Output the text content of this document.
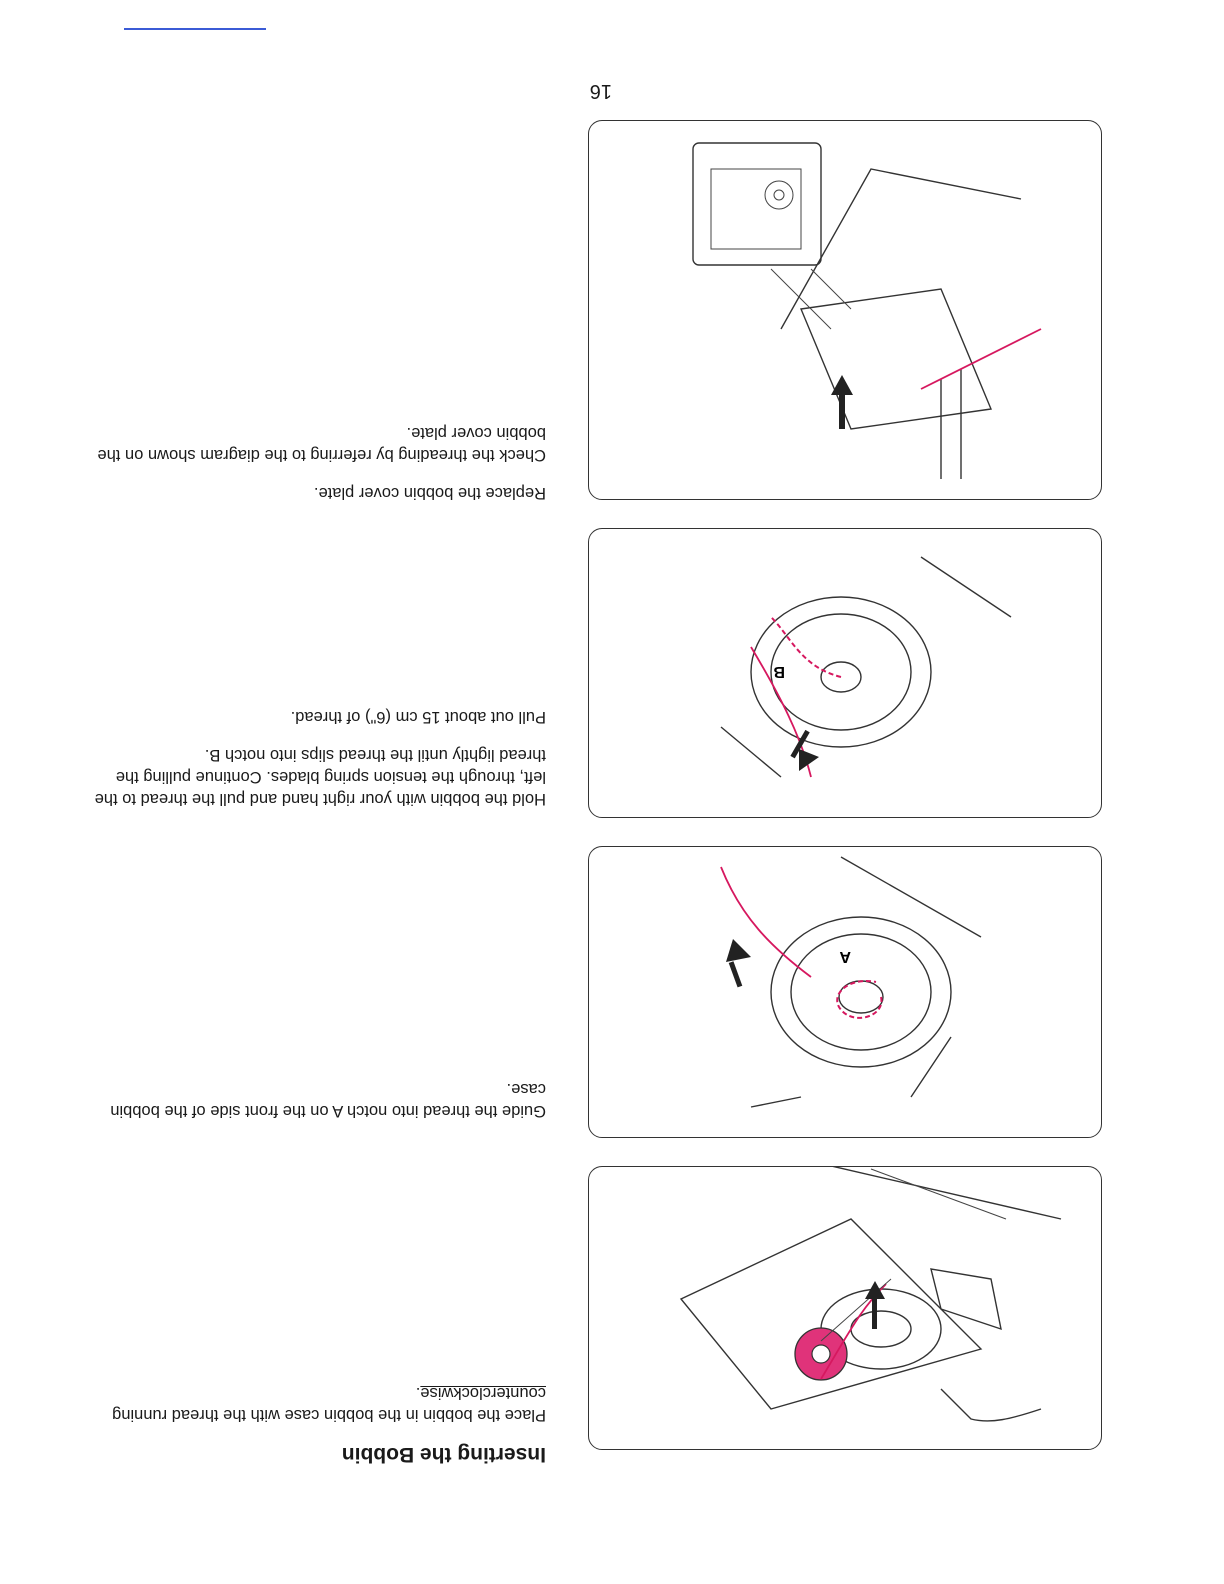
16
Inserting the Bobbin

Place the bobbin in the bobbin case with the thread running counterclockwise.

Guide the thread into notch A on the front side of the bobbin case.

A

Hold the bobbin with your right hand and pull the thread to the left, through the tension spring blades. Continue pulling the thread lightly until the thread slips into notch B.

Pull out about 15 cm (6") of thread.

B

Replace the bobbin cover plate.

Check the threading by referring to the diagram shown on the bobbin cover plate.
